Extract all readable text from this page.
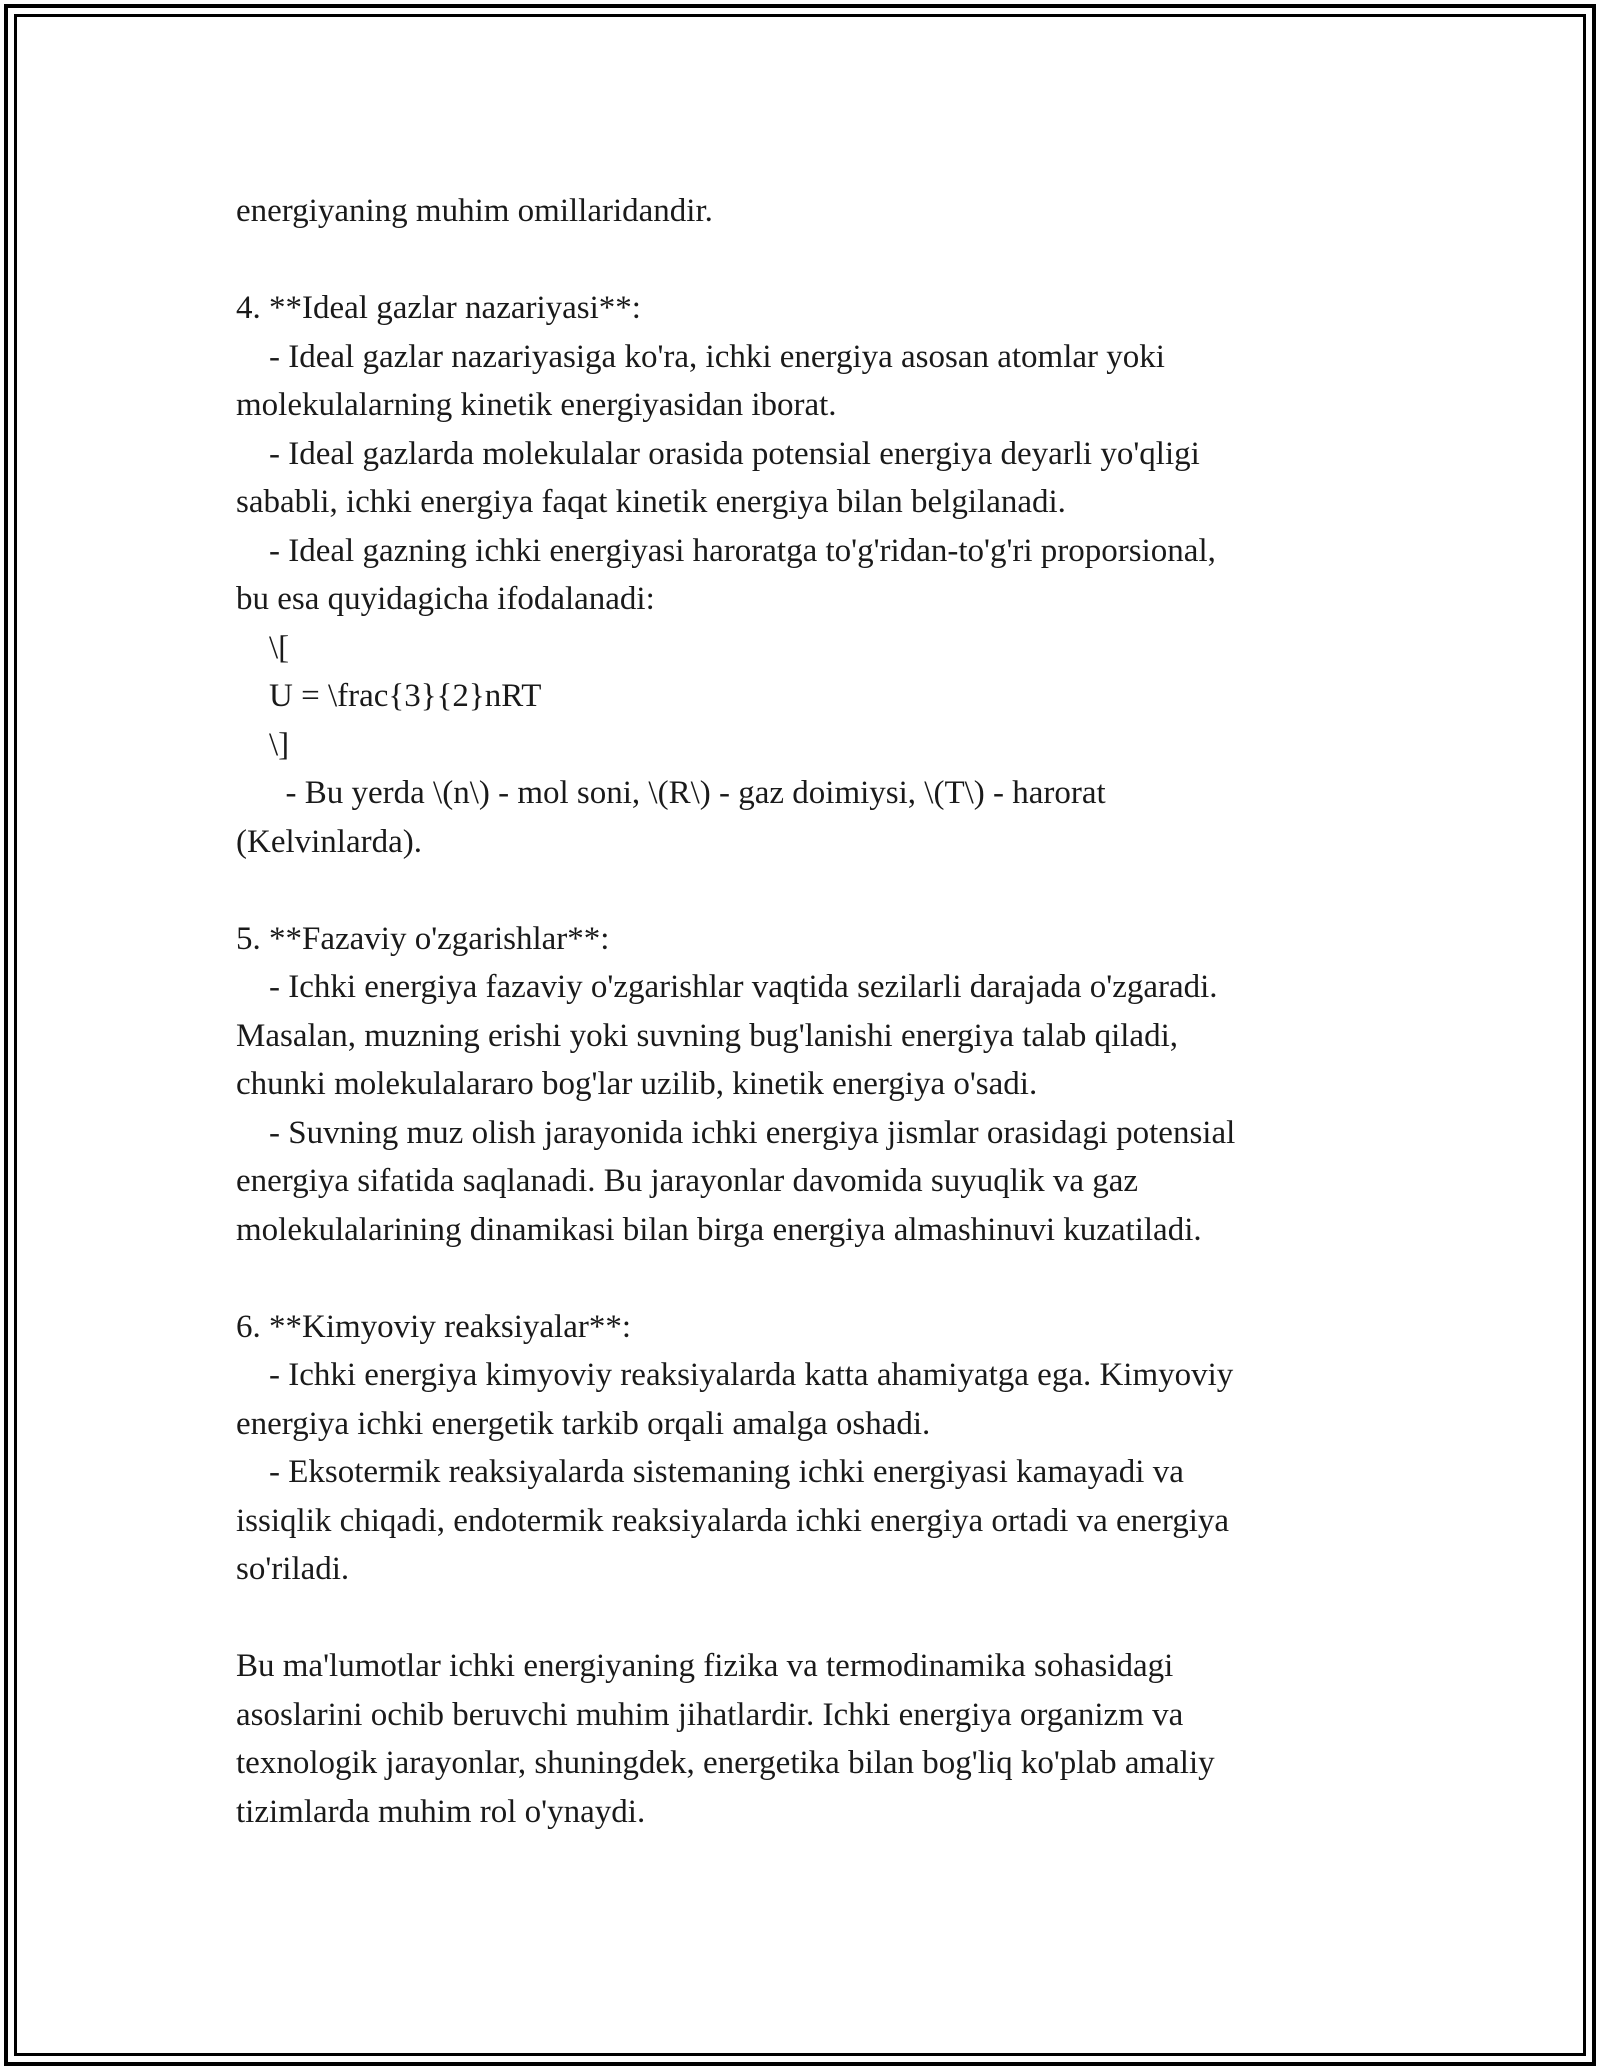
energiyaning muhim omillaridandir.
4. **Ideal gazlar nazariyasi**:
- Ideal gazlar nazariyasiga ko'ra, ichki energiya asosan atomlar yoki
molekulalarning kinetik energiyasidan iborat.
- Ideal gazlarda molekulalar orasida potensial energiya deyarli yo'qligi
sababli, ichki energiya faqat kinetik energiya bilan belgilanadi.
- Ideal gazning ichki energiyasi haroratga to'g'ridan-to'g'ri proporsional,
bu esa quyidagicha ifodalanadi:
\[
U = \frac{3}{2}nRT
\]
- Bu yerda \(n\) - mol soni, \(R\) - gaz doimiysi, \(T\) - harorat
(Kelvinlarda).
5. **Fazaviy o'zgarishlar**:
- Ichki energiya fazaviy o'zgarishlar vaqtida sezilarli darajada o'zgaradi.
Masalan, muzning erishi yoki suvning bug'lanishi energiya talab qiladi,
chunki molekulalararo bog'lar uzilib, kinetik energiya o'sadi.
- Suvning muz olish jarayonida ichki energiya jismlar orasidagi potensial
energiya sifatida saqlanadi. Bu jarayonlar davomida suyuqlik va gaz
molekulalarining dinamikasi bilan birga energiya almashinuvi kuzatiladi.
6. **Kimyoviy reaksiyalar**:
- Ichki energiya kimyoviy reaksiyalarda katta ahamiyatga ega. Kimyoviy
energiya ichki energetik tarkib orqali amalga oshadi.
- Eksotermik reaksiyalarda sistemaning ichki energiyasi kamayadi va
issiqlik chiqadi, endotermik reaksiyalarda ichki energiya ortadi va energiya
so'riladi.
Bu ma'lumotlar ichki energiyaning fizika va termodinamika sohasidagi
asoslarini ochib beruvchi muhim jihatlardir. Ichki energiya organizm va
texnologik jarayonlar, shuningdek, energetika bilan bog'liq ko'plab amaliy
tizimlarda muhim rol o'ynaydi.
